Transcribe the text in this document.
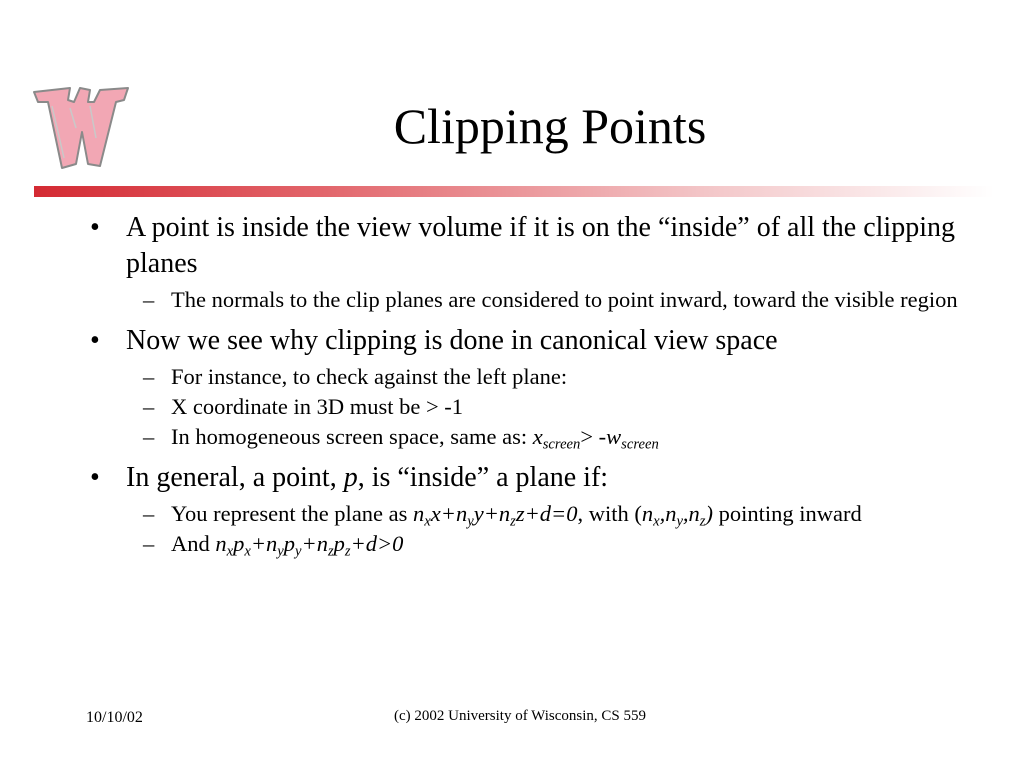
Clipping Points
• A point is inside the view volume if it is on the “inside” of all the clipping planes
– The normals to the clip planes are considered to point inward, toward the visible region
• Now we see why clipping is done in canonical view space
– For instance, to check against the left plane:
– X coordinate in 3D must be > -1
– In homogeneous screen space, same as: $x_{screen}> -w_{screen}$
• In general, a point, p, is “inside” a plane if:
– You represent the plane as $n_xx+n_yy+n_zz+d=0$, with $(n_x,n_y,n_z)$ pointing inward
– And $n_xp_x+n_yp_y+n_zp_z+d>0$
10/10/02	(c) 2002 University of Wisconsin, CS 559
